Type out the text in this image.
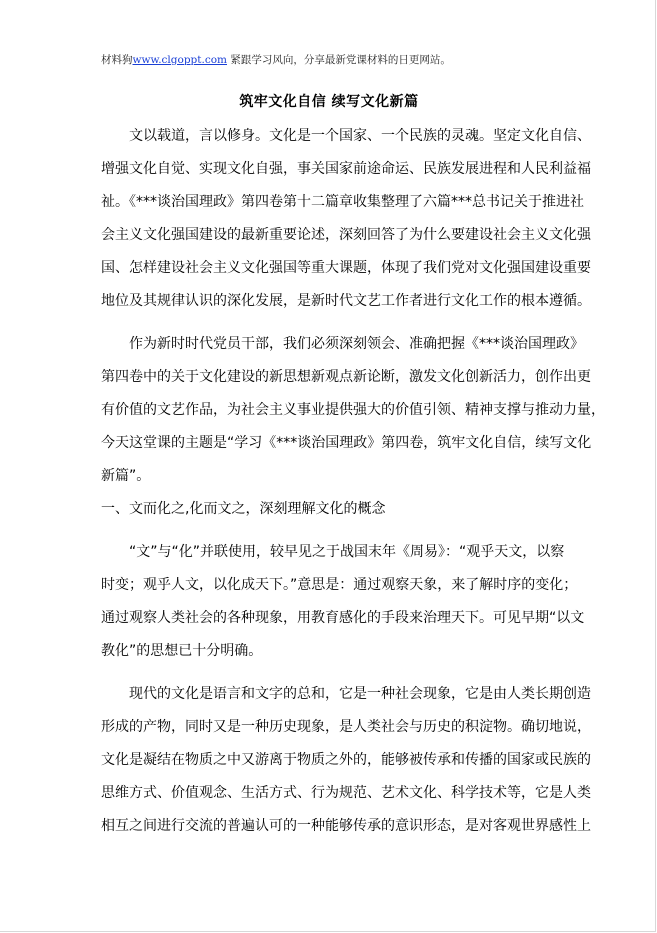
材料狗www.clgoppt.com 紧跟学习风向，分享最新党课材料的日更网站。
筑牢文化自信 续写文化新篇
文以载道，言以修身。文化是一个国家、一个民族的灵魂。坚定文化自信、
增强文化自觉、实现文化自强，事关国家前途命运、民族发展进程和人民利益福
祉。《***谈治国理政》第四卷第十二篇章收集整理了六篇***总书记关于推进社
会主义文化强国建设的最新重要论述，深刻回答了为什么要建设社会主义文化强
国、怎样建设社会主义文化强国等重大课题，体现了我们党对文化强国建设重要
地位及其规律认识的深化发展，是新时代文艺工作者进行文化工作的根本遵循。
作为新时时代党员干部，我们必须深刻领会、准确把握《***谈治国理政》
第四卷中的关于文化建设的新思想新观点新论断，激发文化创新活力，创作出更
有价值的文艺作品，为社会主义事业提供强大的价值引领、精神支撑与推动力量，
今天这堂课的主题是“学习《***谈治国理政》第四卷，筑牢文化自信，续写文化
新篇”。
一、文而化之,化而文之，深刻理解文化的概念
“文”与“化”并联使用，较早见之于战国末年《周易》：“观乎天文，以察
时变；观乎人文，以化成天下。”意思是：通过观察天象，来了解时序的变化；
通过观察人类社会的各种现象，用教育感化的手段来治理天下。可见早期“以文
教化”的思想已十分明确。
现代的文化是语言和文字的总和，它是一种社会现象，它是由人类长期创造
形成的产物，同时又是一种历史现象，是人类社会与历史的积淀物。确切地说，
文化是凝结在物质之中又游离于物质之外的，能够被传承和传播的国家或民族的
思维方式、价值观念、生活方式、行为规范、艺术文化、科学技术等，它是人类
相互之间进行交流的普遍认可的一种能够传承的意识形态，是对客观世界感性上
